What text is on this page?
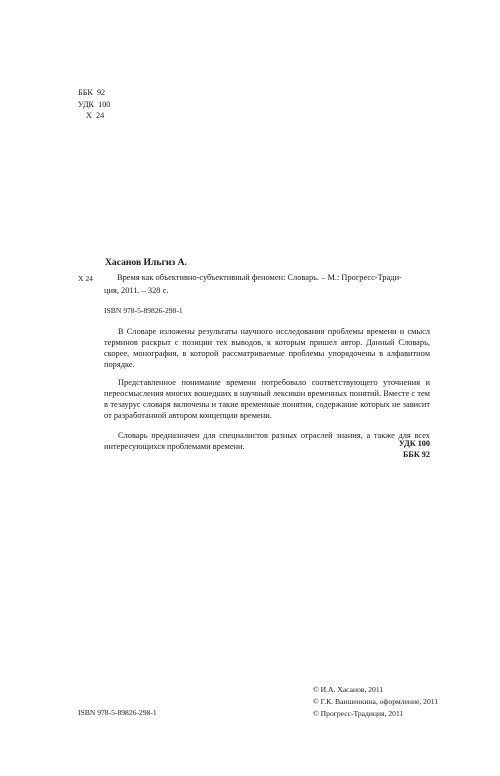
ББК  92
УДК  100
Х  24
Хасанов Ильгиз А.
Х 24	Время как объективно-субъективный феномен: Словарь. – М.: Прогресс-Тради-
ция, 2011. – 328 с.
ISBN 978-5-89826-298-1

В Словаре изложены результаты научного исследования проблемы времени и смысл терминов раскрыт с позиции тех выводов, к которым пришел автор. Данный Словарь, скорее, монография, в которой рассматриваемые проблемы упорядочены в алфавитном порядке.

Представленное понимание времени потребовало соответствующего уточнения и переосмысления многих вошедших в научный лексикон временных понятий. Вместе с тем в тезаурус словаря включены и такие временные понятия, содержание которых не зависит от разработанной автором концепции времени.

Словарь предназначен для специалистов разных отраслей знания, а также для всех интересующихся проблемами времени.	УДК 100
ББК 92
ISBN 978-5-89826-298-1
© И.А. Хасанов, 2011
© Г.К. Ваншенкина, оформление, 2011
© Прогресс-Традиция, 2011
